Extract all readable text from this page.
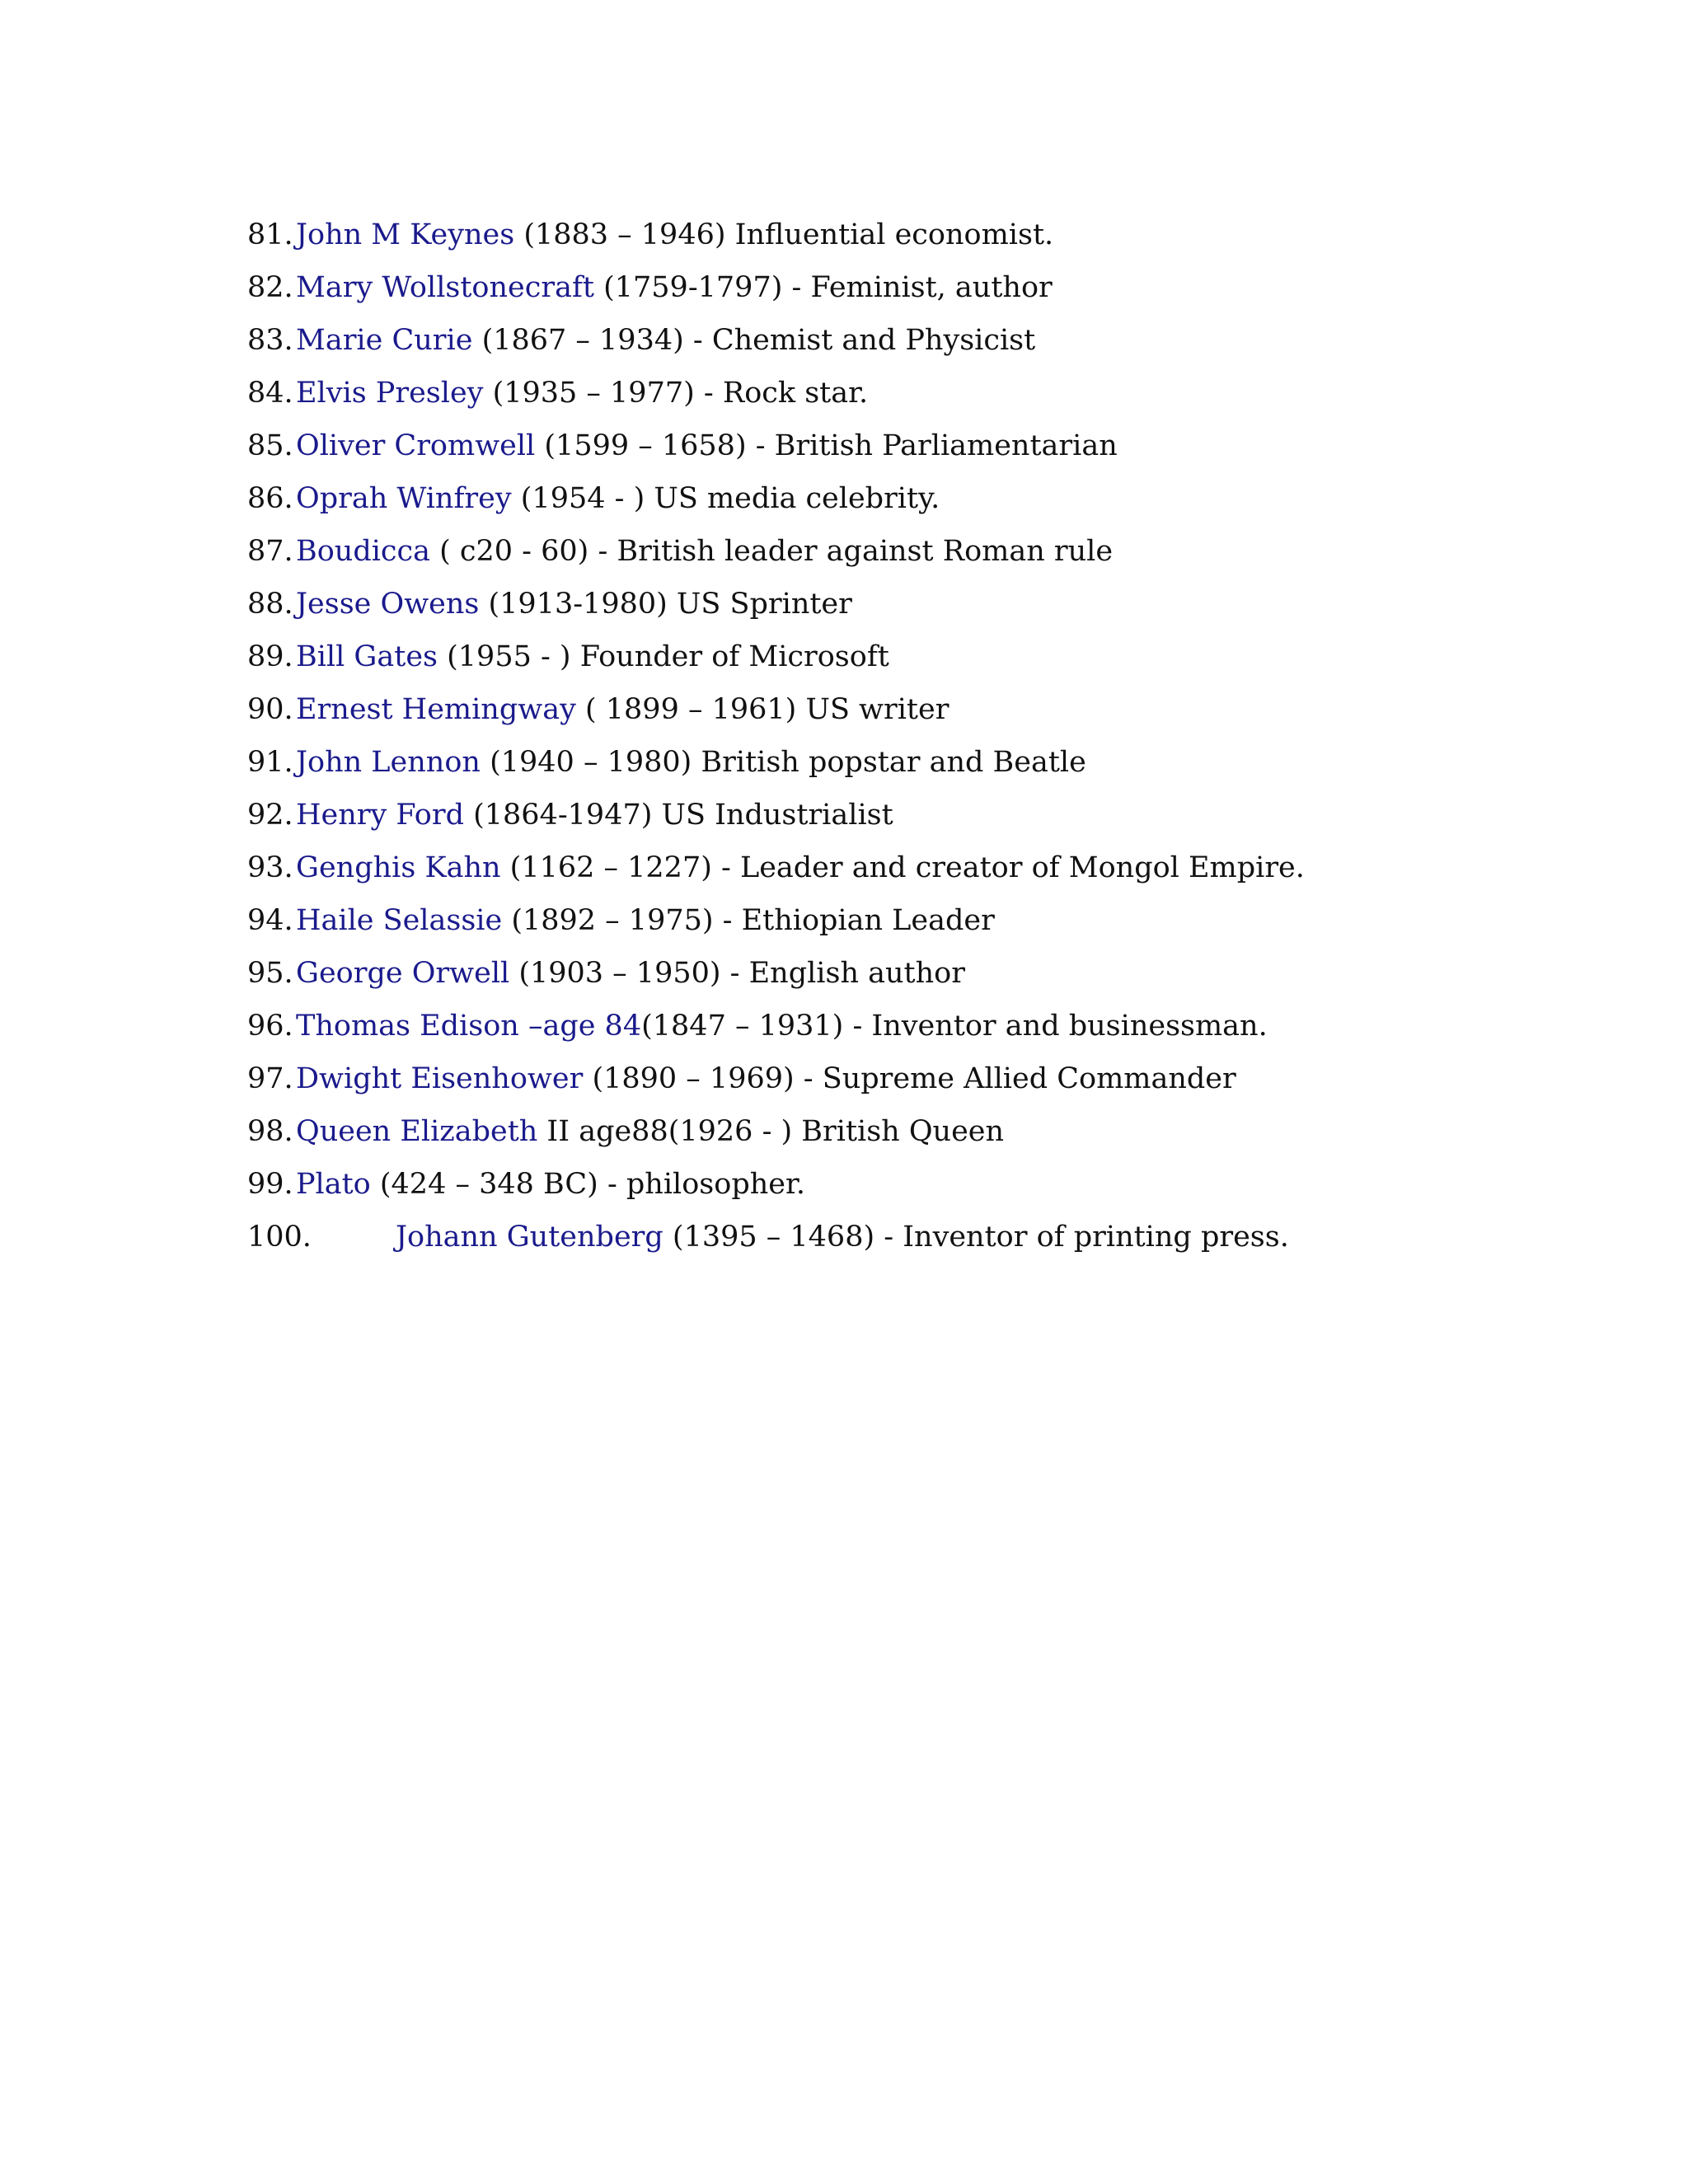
81. John M Keynes (1883 – 1946) Influential economist.
82. Mary Wollstonecraft (1759-1797) - Feminist, author
83. Marie Curie (1867 – 1934) - Chemist and Physicist
84. Elvis Presley (1935 – 1977) - Rock star.
85. Oliver Cromwell (1599 – 1658) - British Parliamentarian
86. Oprah Winfrey (1954 - ) US media celebrity.
87. Boudicca ( c20 - 60) - British leader against Roman rule
88. Jesse Owens (1913-1980) US Sprinter
89. Bill Gates (1955 - ) Founder of Microsoft
90. Ernest Hemingway ( 1899 – 1961) US writer
91. John Lennon (1940 – 1980) British popstar and Beatle
92. Henry Ford (1864-1947) US Industrialist
93. Genghis Kahn (1162 – 1227) - Leader and creator of Mongol Empire.
94. Haile Selassie (1892 – 1975) - Ethiopian Leader
95. George Orwell (1903 – 1950) - English author
96. Thomas Edison –age 84(1847 – 1931) - Inventor and businessman.
97. Dwight Eisenhower (1890 – 1969) - Supreme Allied Commander
98. Queen Elizabeth II age88(1926 - ) British Queen
99. Plato (424 – 348 BC) - philosopher.
100.	Johann Gutenberg (1395 – 1468) - Inventor of printing press.
